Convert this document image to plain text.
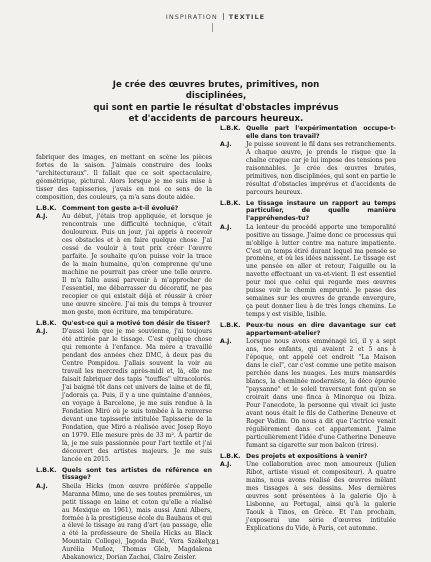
INSPIRATION TEXTILE
Je crée des œuvres brutes, primitives, non disciplinées,
qui sont en partie le résultat d'obstacles imprévus
et d'accidents de parcours heureux.

fabriquer des images, en mettant en scène les pièces fortes de la saison. J'aimais construire des looks "architecturaux". Il fallait que ce soit spectaculaire, géométrique, pictural. Alors lorsque je me suis mise à tisser des tapisseries, j'avais en moi ce sens de la composition, des couleurs, ça m'a sans doute aidée.

L.B.K. Comment ton geste a-t-il évolué?

A.J.	Au début, j'étais trop appliquée, et lorsque je rencontrais une difficulté technique, c'était douloureux. Puis un jour, j'ai appris à recevoir ces obstacles et à en faire quelque chose. J'ai cessé de vouloir à tout prix créer l'œuvre parfaite. Je souhaite qu'on puisse voir la trace de la main humaine, qu'on comprenne qu'une machine ne pourrait pas créer une telle œuvre. Il m'a fallu aussi parvenir à m'approcher de l'essentiel, me débarrasser du décoratif, ne pas recopier ce qui existait déjà et réussir à créer une œuvre sincère. J'ai mis du temps à trouver mon geste, mon écriture, ma température.

L.B.K. Qu'est-ce qui a motivé ton désir de tisser?

A.J.	D'aussi loin que je me souvienne, j'ai toujours été attirée par le tissage. C'est quelque chose qui remonte à l'enfance. Ma mère a travaillé pendant des années chez DMC, à deux pas du Centre Pompidou. J'allais souvent la voir au travail les mercredis après-midi et, là, elle me faisait fabriquer des tapis "touffes" ultracolorés. J'ai baigné tôt dans cet univers de laine et de fil, j'adorais ça. Puis, il y a une quintaine d'années, en voyage à Barcelone, je me suis rendue à la Fondation Miró où je suis tombée à la renverse devant une tapisserie intitulée Tapisserie de la Fondation, que Miró a réalisée avec Josep Royo en 1979. Elle mesure près de 33 m². À partir de là, je me suis passionnée pour l'art textile et j'ai découvert des artistes majeurs. Je me suis lancée en 2015.

L.B.K. Quels sont tes artistes de référence en tissage?

A.J.	Sheila Hicks (mon œuvre préférée s'appelle Maranna Mimo, une de ses toutes premières, un petit tissage en laine et coton qu'elle a réalisé au Mexique en 1961), mais aussi Anni Albers, formée à la prestigieuse école du Bauhaus et qui a élevé le tissage au rang d'art (au passage, elle a été la professeure de Sheila Hicks au Black Mountain College), Jagoda Buić, Vera Székely, Aurélia Muñoz, Thomas Gleb, Magdalena Abakanowicz, Dorian Zachai, Claire Zeisler.

L.B.K. Quelle part l'expérimentation occupe-t-elle dans ton travail?

A.J.	Je puisse souvent le fil dans ses retranchements. À chaque œuvre, je prends le risque que la chaîne craque car je lui impose des tensions peu raisonnables. Je crée des œuvres brutes, primitives, non disciplinées, qui sont en partie le résultat d'obstacles imprévus et d'accidents de parcours heureux.

L.B.K. Le tissage instaure un rapport au temps particulier, de quelle manière l'appréhendes-tu?

A.J.	La lenteur du procédé apporte une temporalité positive au tissage. J'aime donc ce processus qui m'oblige à lutter contre ma nature impatiente. C'est un temps étiré durant lequel ma pensée se promène, et où les idées naissent. Le tissage est une pensée en aller et retour, l'aiguille ou la navette effectuant un va-et-vient. Il est essentiel pour moi que celui qui regarde mes œuvres puisse voir le chemin emprunté. Je passe des semaines sur les œuvres de grande envergure, ça peut donner lieu à de très longs chemins. Le temps y est visible, lisible.

L.B.K. Peux-tu nous en dire davantage sur cet appartement-atelier?

A.J.	Lorsque nous avons emménagé ici, il y a sept ans, nos enfants, qui avaient 2 et 5 ans à l'époque, ont appelé cet endroit "La Maison dans le ciel", car c'est comme une petite maison perchée dans les nuages. Les murs mansardés blancs, la cheminée moderniste, la déco épurée "paysanne" et le soleil traversant font qu'on se croirait dans une finca à Minorque ou Ibiza. Pour l'anecdote, la personne qui vivait ici juste avant nous était le fils de Catherine Deneuve et Roger Vadim. On nous a dit que l'actrice venait régulièrement dans cet appartement. J'aime particulièrement l'idée d'une Catherine Deneuve fumant sa cigarette sur mon balcon (rires).

L.B.K. Des projets et expositions à venir?

A.J.	Une collaboration avec mon amoureux (Julien Ribot, artiste visuel et compositeur). À quatre mains, nous avons réalisé des œuvres mêlant mes tissages à ses dessins. Mes dernières œuvres sont présentées à la galerie Ojo à Lisbonne, au Portugal, ainsi qu'à la galerie Taouk à Tinos, en Grèce. Et l'an prochain, j'exposerai une série d'œuvres intitulée Explications du Vide, à Paris, cet automne.
81
